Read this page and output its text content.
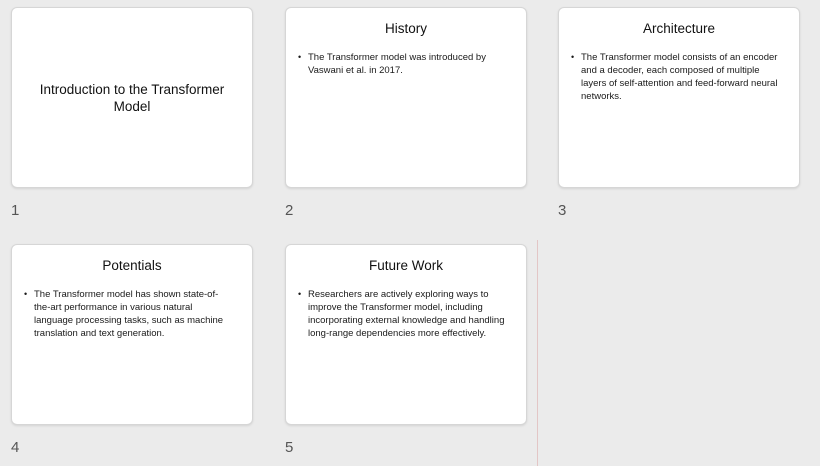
Introduction to the Transformer Model
1
History
• The Transformer model was introduced by Vaswani et al. in 2017.
2
Architecture
• The Transformer model consists of an encoder and a decoder, each composed of multiple layers of self-attention and feed-forward neural networks.
3
Potentials
• The Transformer model has shown state-of-the-art performance in various natural language processing tasks, such as machine translation and text generation.
4
Future Work
• Researchers are actively exploring ways to improve the Transformer model, including incorporating external knowledge and handling long-range dependencies more effectively.
5
